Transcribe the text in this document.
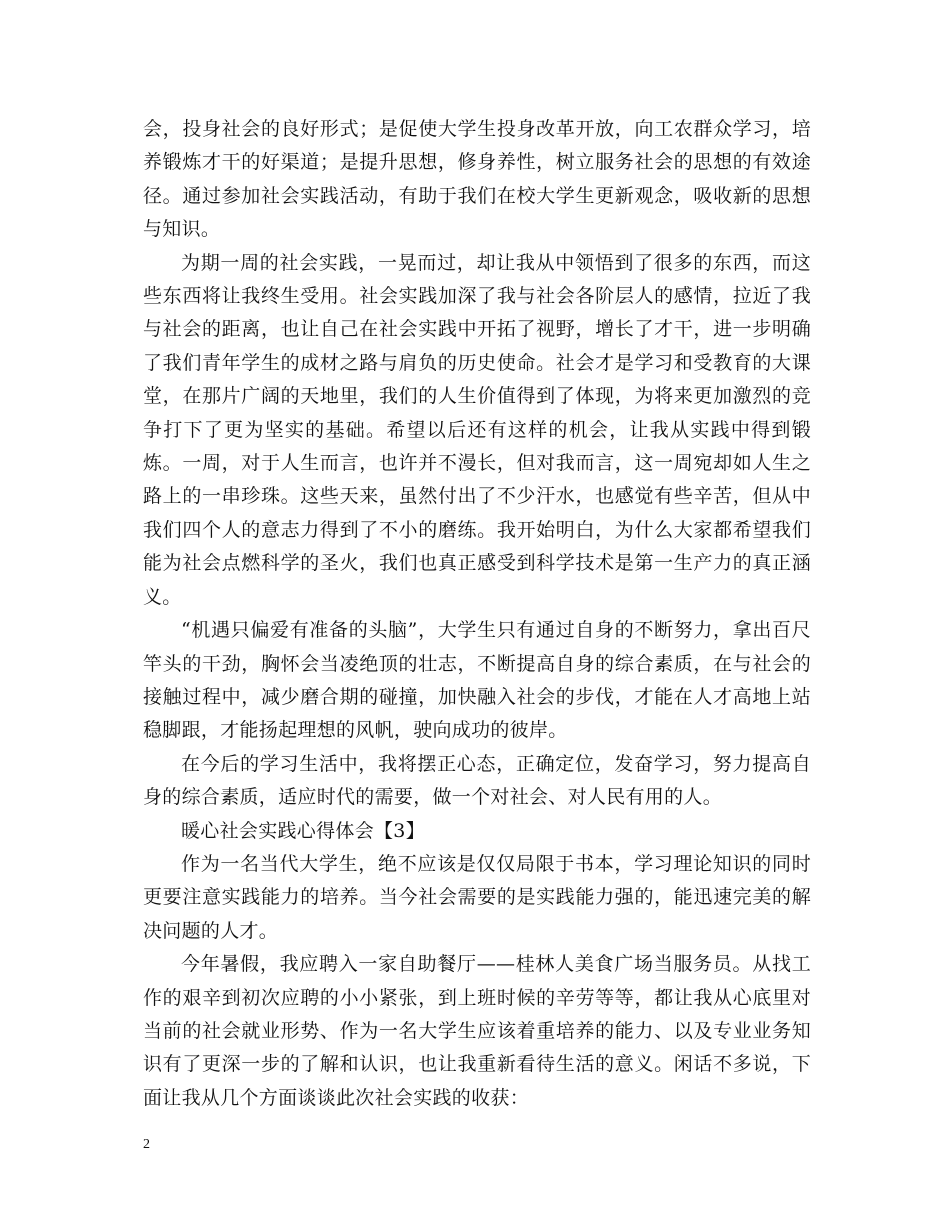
会，投身社会的良好形式；是促使大学生投身改革开放，向工农群众学习，培养锻炼才干的好渠道；是提升思想，修身养性，树立服务社会的思想的有效途径。通过参加社会实践活动，有助于我们在校大学生更新观念，吸收新的思想与知识。

为期一周的社会实践，一晃而过，却让我从中领悟到了很多的东西，而这些东西将让我终生受用。社会实践加深了我与社会各阶层人的感情，拉近了我与社会的距离，也让自己在社会实践中开拓了视野，增长了才干，进一步明确了我们青年学生的成材之路与肩负的历史使命。社会才是学习和受教育的大课堂，在那片广阔的天地里，我们的人生价值得到了体现，为将来更加激烈的竞争打下了更为坚实的基础。希望以后还有这样的机会，让我从实践中得到锻炼。一周，对于人生而言，也许并不漫长，但对我而言，这一周宛却如人生之路上的一串珍珠。这些天来，虽然付出了不少汗水，也感觉有些辛苦，但从中我们四个人的意志力得到了不小的磨练。我开始明白，为什么大家都希望我们能为社会点燃科学的圣火，我们也真正感受到科学技术是第一生产力的真正涵义。

“机遇只偏爱有准备的头脑”，大学生只有通过自身的不断努力，拿出百尺竿头的干劲，胸怀会当凌绝顶的壮志，不断提高自身的综合素质，在与社会的接触过程中，减少磨合期的碰撞，加快融入社会的步伐，才能在人才高地上站稳脚跟，才能扬起理想的风帆，驶向成功的彼岸。

在今后的学习生活中，我将摆正心态，正确定位，发奋学习，努力提高自身的综合素质，适应时代的需要，做一个对社会、对人民有用的人。

暖心社会实践心得体会【3】

作为一名当代大学生，绝不应该是仅仅局限于书本，学习理论知识的同时更要注意实践能力的培养。当今社会需要的是实践能力强的，能迅速完美的解决问题的人才。

今年暑假，我应聘入一家自助餐厅——桂林人美食广场当服务员。从找工作的艰辛到初次应聘的小小紧张，到上班时候的辛劳等等，都让我从心底里对当前的社会就业形势、作为一名大学生应该着重培养的能力、以及专业业务知识有了更深一步的了解和认识，也让我重新看待生活的意义。闲话不多说，下面让我从几个方面谈谈此次社会实践的收获：

2
